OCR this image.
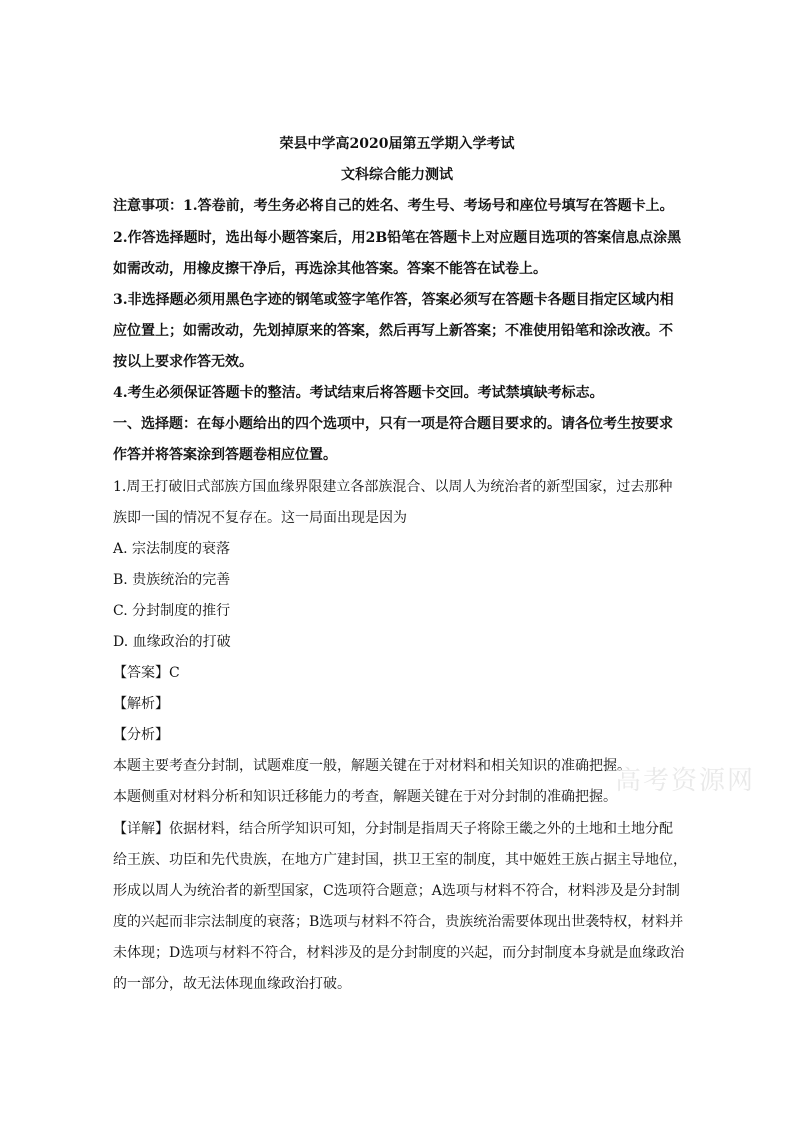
荣县中学高2020届第五学期入学考试
文科综合能力测试
注意事项：1.答卷前，考生务必将自己的姓名、考生号、考场号和座位号填写在答题卡上。
2.作答选择题时，选出每小题答案后，用2B铅笔在答题卡上对应题目选项的答案信息点涂黑
如需改动，用橡皮擦干净后，再选涂其他答案。答案不能答在试卷上。
3.非选择题必须用黑色字迹的钢笔或签字笔作答，答案必须写在答题卡各题目指定区域内相
应位置上；如需改动，先划掉原来的答案，然后再写上新答案；不准使用铅笔和涂改液。不
按以上要求作答无效。
4.考生必须保证答题卡的整洁。考试结束后将答题卡交回。考试禁填缺考标志。
一、选择题：在每小题给出的四个选项中，只有一项是符合题目要求的。请各位考生按要求
作答并将答案涂到答题卷相应位置。
1.周王打破旧式部族方国血缘界限建立各部族混合、以周人为统治者的新型国家，过去那种
族即一国的情况不复存在。这一局面出现是因为
A. 宗法制度的衰落
B. 贵族统治的完善
C. 分封制度的推行
D. 血缘政治的打破
【答案】C
【解析】
【分析】
本题主要考查分封制，试题难度一般，解题关键在于对材料和相关知识的准确把握。
本题侧重对材料分析和知识迁移能力的考查，解题关键在于对分封制的准确把握。
【详解】依据材料，结合所学知识可知，分封制是指周天子将除王畿之外的土地和土地分配
给王族、功臣和先代贵族，在地方广建封国，拱卫王室的制度，其中姬姓王族占据主导地位，
形成以周人为统治者的新型国家，C选项符合题意；A选项与材料不符合，材料涉及是分封制
度的兴起而非宗法制度的衰落；B选项与材料不符合，贵族统治需要体现出世袭特权，材料并
未体现；D选项与材料不符合，材料涉及的是分封制度的兴起，而分封制度本身就是血缘政治
的一部分，故无法体现血缘政治打破。
高考资源网
